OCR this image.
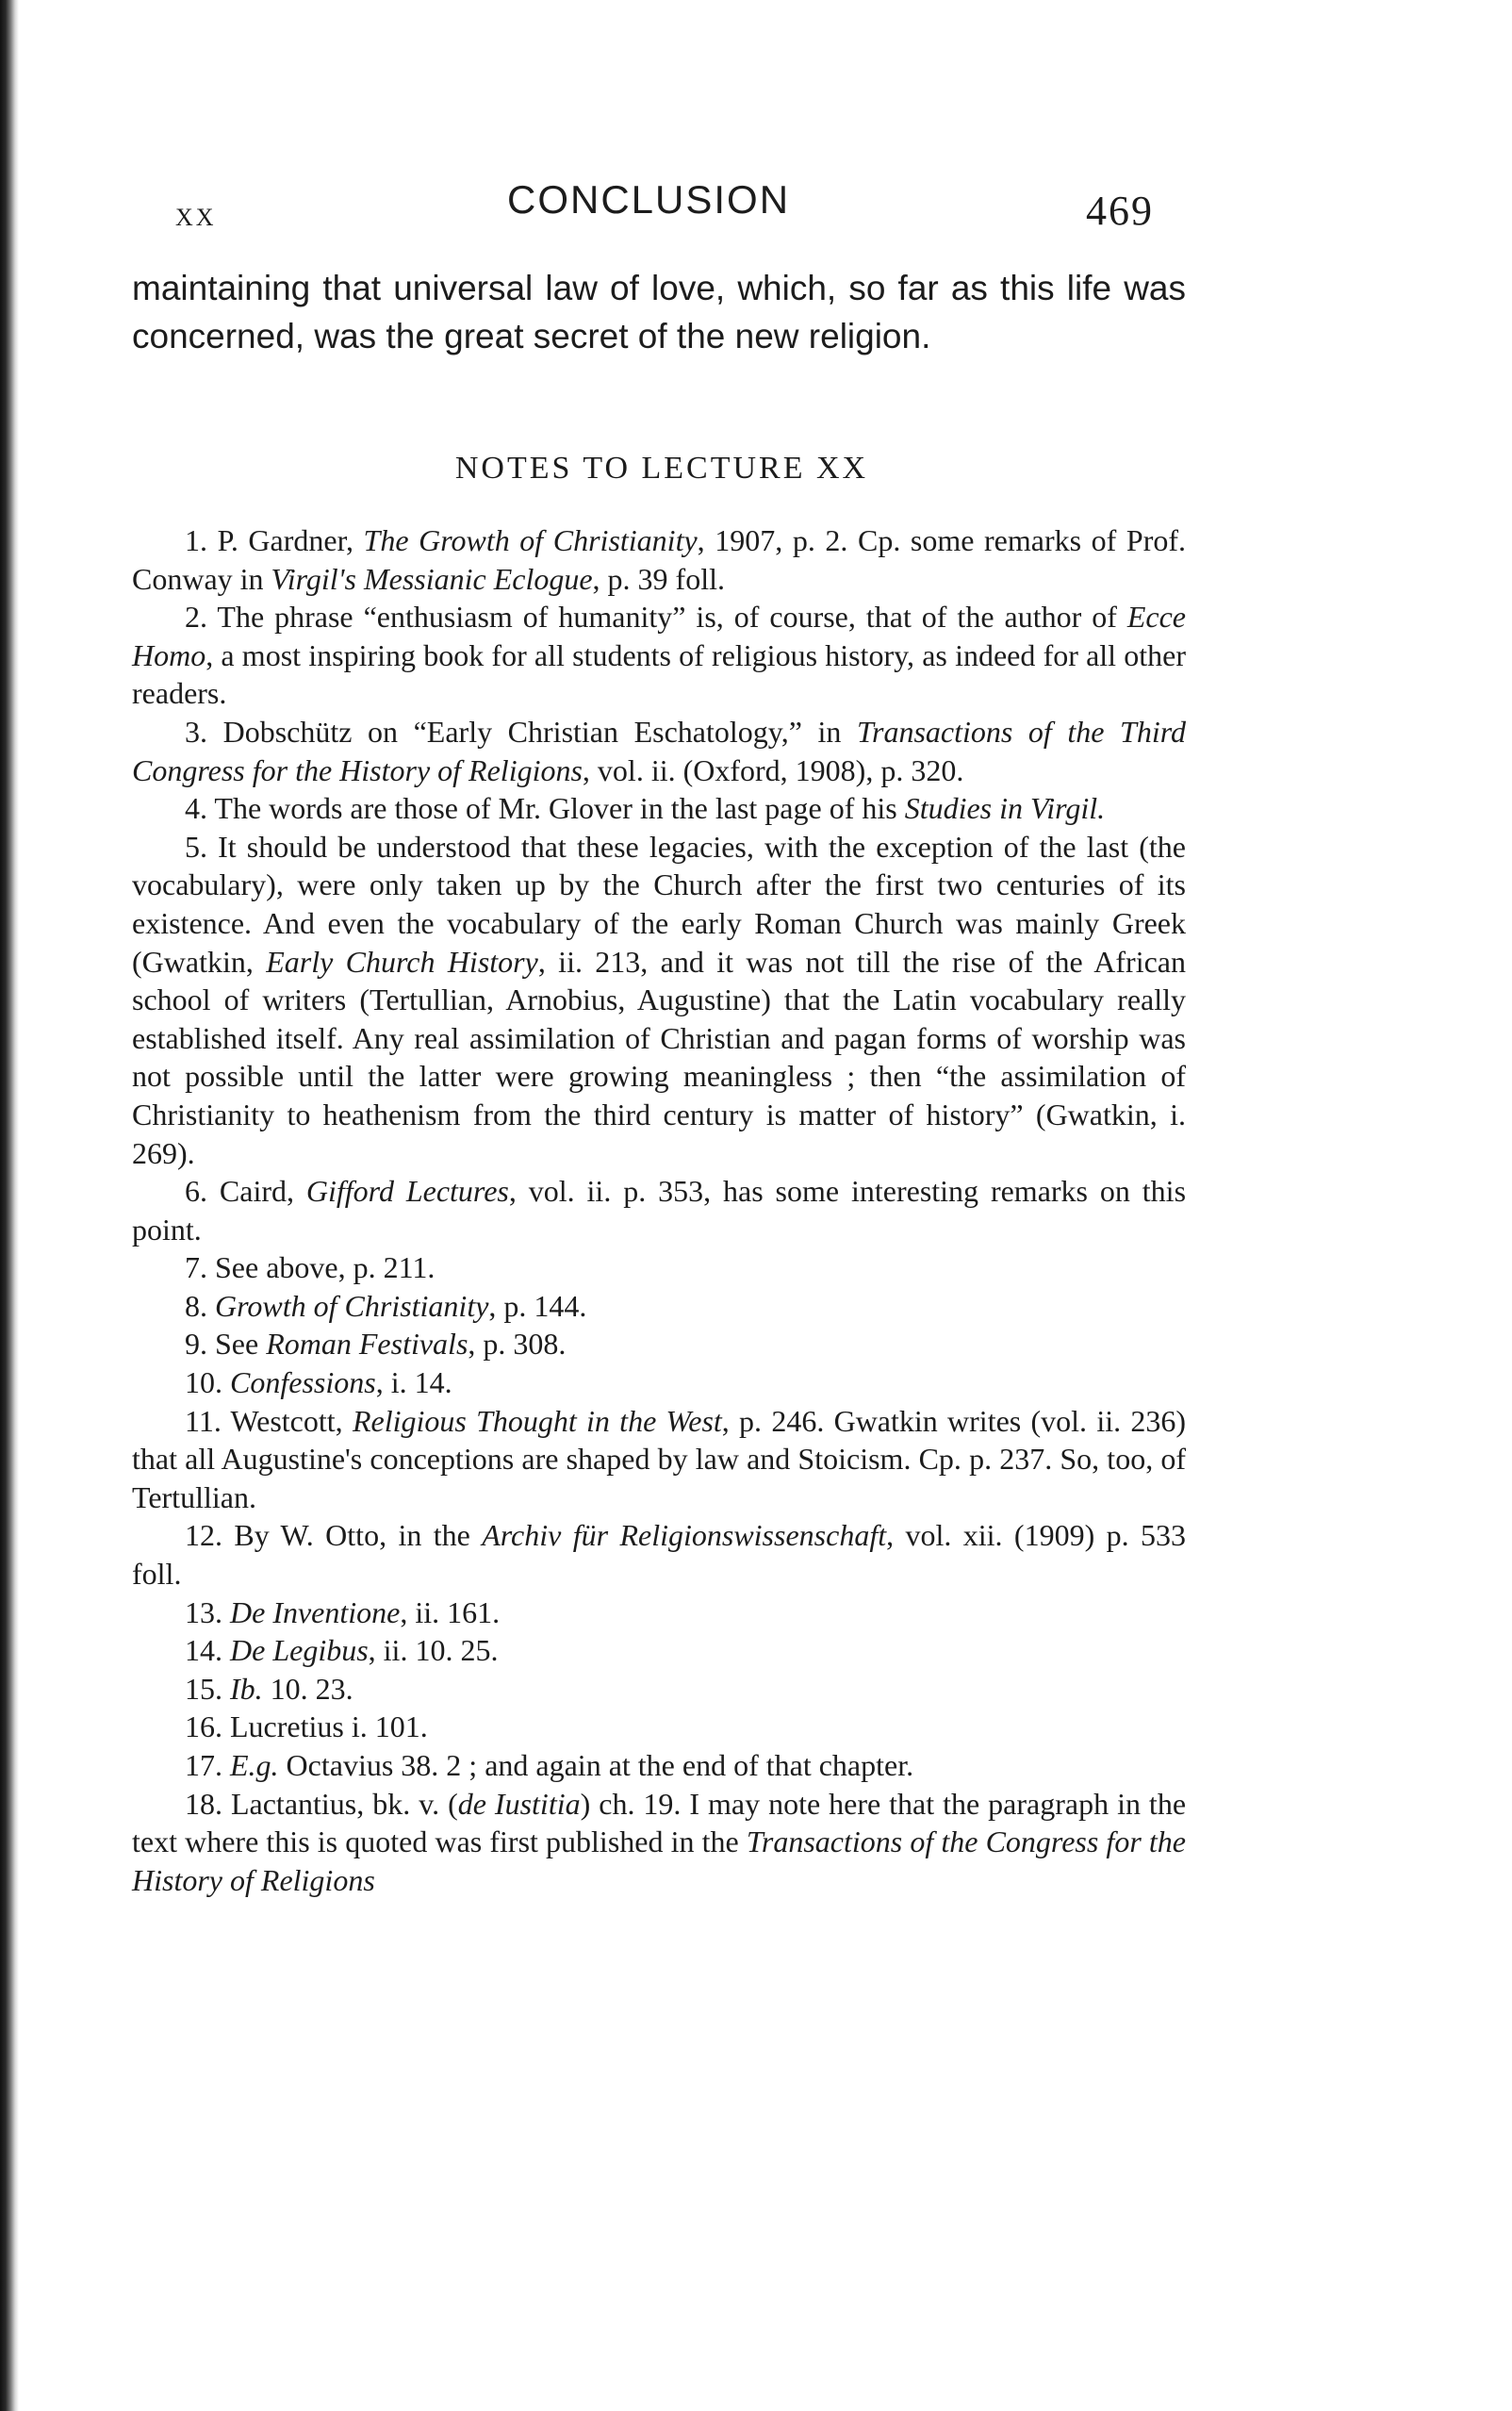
XX	CONCLUSION	469

maintaining that universal law of love, which, so far as this life was concerned, was the great secret of the new religion.

NOTES TO LECTURE XX

1. P. Gardner, The Growth of Christianity, 1907, p. 2. Cp. some remarks of Prof. Conway in Virgil's Messianic Eclogue, p. 39 foll.

2. The phrase “enthusiasm of humanity” is, of course, that of the author of Ecce Homo, a most inspiring book for all students of religious history, as indeed for all other readers.

3. Dobschütz on “Early Christian Eschatology,” in Transactions of the Third Congress for the History of Religions, vol. ii. (Oxford, 1908), p. 320.

4. The words are those of Mr. Glover in the last page of his Studies in Virgil.

5. It should be understood that these legacies, with the exception of the last (the vocabulary), were only taken up by the Church after the first two centuries of its existence. And even the vocabulary of the early Roman Church was mainly Greek (Gwatkin, Early Church History, ii. 213, and it was not till the rise of the African school of writers (Tertullian, Arnobius, Augustine) that the Latin vocabulary really established itself. Any real assimilation of Christian and pagan forms of worship was not possible until the latter were growing meaningless ; then “the assimilation of Christianity to heathenism from the third century is matter of history” (Gwatkin, i. 269).

6. Caird, Gifford Lectures, vol. ii. p. 353, has some interesting remarks on this point.

7. See above, p. 211.

8. Growth of Christianity, p. 144.

9. See Roman Festivals, p. 308.

10. Confessions, i. 14.

11. Westcott, Religious Thought in the West, p. 246. Gwatkin writes (vol. ii. 236) that all Augustine's conceptions are shaped by law and Stoicism. Cp. p. 237. So, too, of Tertullian.

12. By W. Otto, in the Archiv für Religionswissenschaft, vol. xii. (1909) p. 533 foll.

13. De Inventione, ii. 161.

14. De Legibus, ii. 10. 25.

15. Ib. 10. 23.

16. Lucretius i. 101.

17. E.g. Octavius 38. 2 ; and again at the end of that chapter.

18. Lactantius, bk. v. (de Iustitia) ch. 19. I may note here that the paragraph in the text where this is quoted was first published in the Transactions of the Congress for the History of Religions
